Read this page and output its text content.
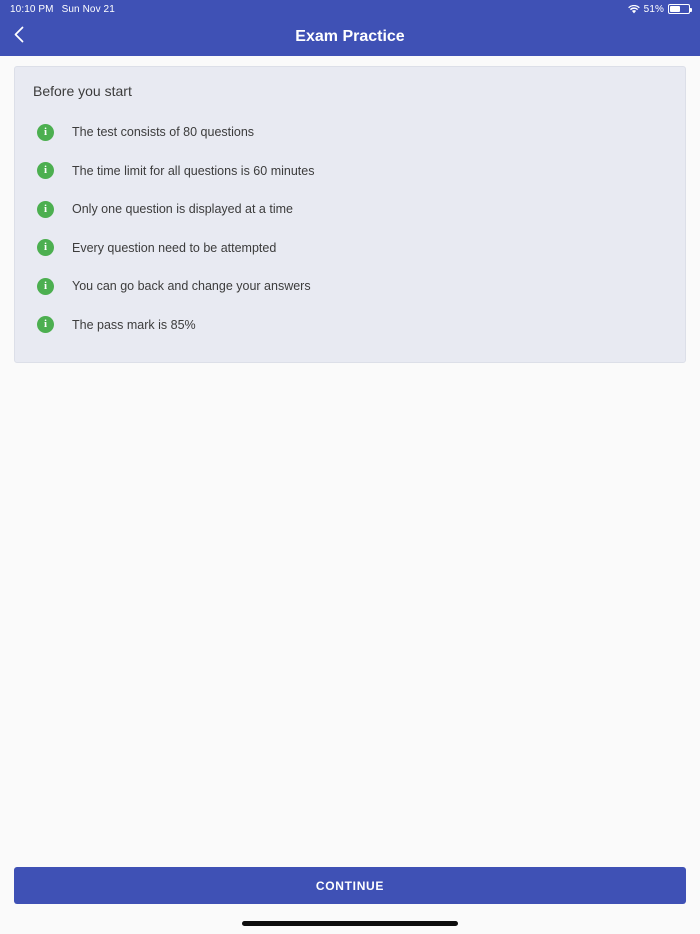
10:10 PM Sun Nov 21	51%
Exam Practice
Before you start
i	The test consists of 80 questions
i	The time limit for all questions is 60 minutes
i	Only one question is displayed at a time
i	Every question need to be attempted
i	You can go back and change your answers
i	The pass mark is 85%
CONTINUE
